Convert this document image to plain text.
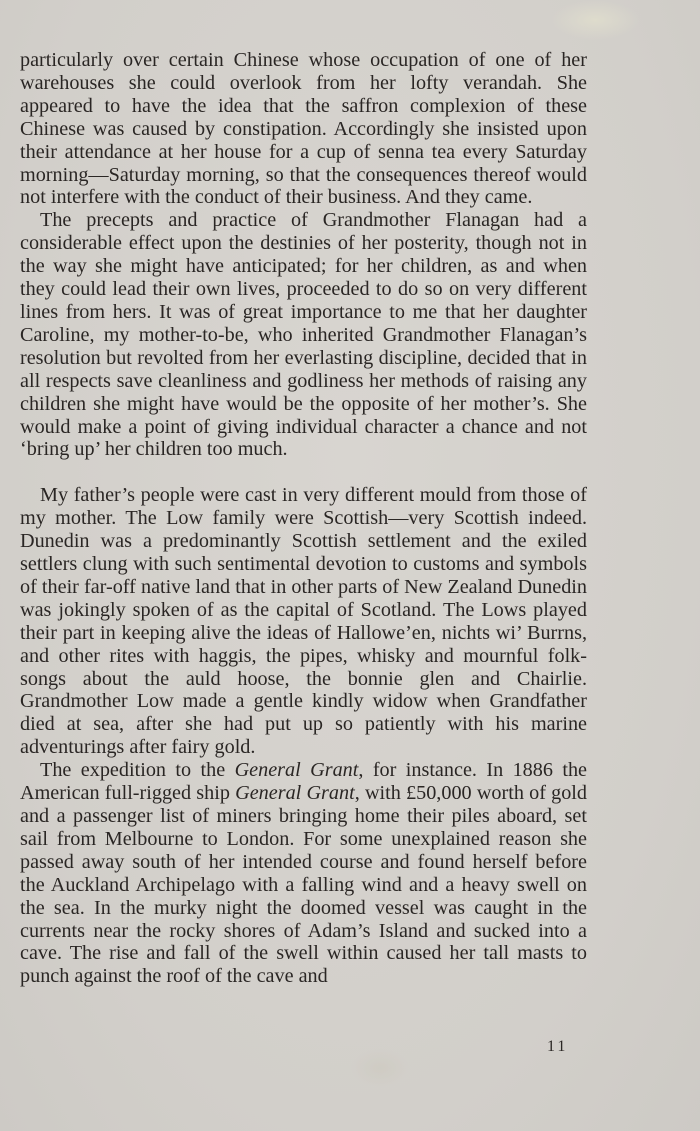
particularly over certain Chinese whose occupation of one of her warehouses she could overlook from her lofty verandah. She appeared to have the idea that the saffron complexion of these Chinese was caused by constipation. Accordingly she insisted upon their attendance at her house for a cup of senna tea every Saturday morning—Saturday morning, so that the consequences thereof would not interfere with the conduct of their business. And they came.

The precepts and practice of Grandmother Flanagan had a considerable effect upon the destinies of her posterity, though not in the way she might have anticipated; for her children, as and when they could lead their own lives, proceeded to do so on very different lines from hers. It was of great importance to me that her daughter Caroline, my mother-to-be, who inherited Grandmother Flanagan’s resolution but revolted from her everlasting discipline, decided that in all respects save cleanliness and godliness her methods of raising any children she might have would be the opposite of her mother’s. She would make a point of giving individual character a chance and not ‘bring up’ her children too much.

My father’s people were cast in very different mould from those of my mother. The Low family were Scottish—very Scottish indeed. Dunedin was a predominantly Scottish settlement and the exiled settlers clung with such sentimental devotion to customs and symbols of their far-off native land that in other parts of New Zealand Dunedin was jokingly spoken of as the capital of Scotland. The Lows played their part in keeping alive the ideas of Hallowe’en, nichts wi’ Burrns, and other rites with haggis, the pipes, whisky and mournful folk-songs about the auld hoose, the bonnie glen and Chairlie. Grandmother Low made a gentle kindly widow when Grandfather died at sea, after she had put up so patiently with his marine adventurings after fairy gold.

The expedition to the General Grant, for instance. In 1886 the American full-rigged ship General Grant, with £50,000 worth of gold and a passenger list of miners bringing home their piles aboard, set sail from Melbourne to London. For some unexplained reason she passed away south of her intended course and found herself before the Auckland Archipelago with a falling wind and a heavy swell on the sea. In the murky night the doomed vessel was caught in the currents near the rocky shores of Adam’s Island and sucked into a cave. The rise and fall of the swell within caused her tall masts to punch against the roof of the cave and

11
